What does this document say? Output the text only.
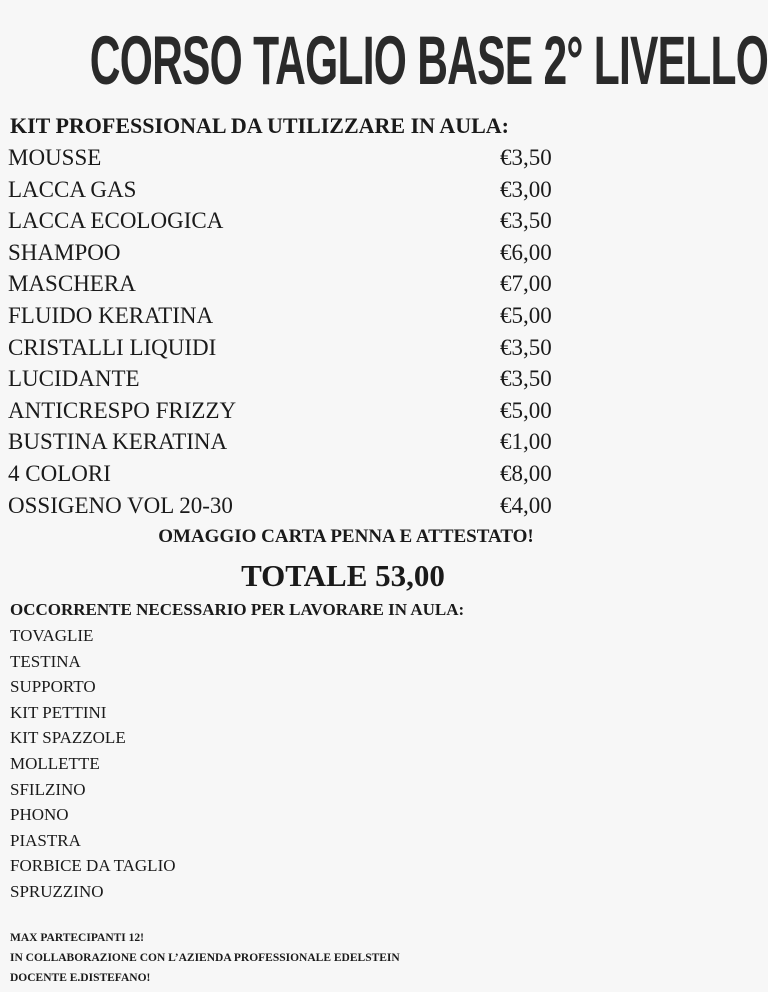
CORSO TAGLIO BASE 2° LIVELLO
KIT PROFESSIONAL DA UTILIZZARE IN AULA:
MOUSSE	€3,50
LACCA GAS	€3,00
LACCA ECOLOGICA	€3,50
SHAMPOO	€6,00
MASCHERA	€7,00
FLUIDO KERATINA	€5,00
CRISTALLI LIQUIDI	€3,50
LUCIDANTE	€3,50
ANTICRESPO FRIZZY	€5,00
BUSTINA KERATINA	€1,00
4 COLORI	€8,00
OSSIGENO VOL 20-30	€4,00
OMAGGIO CARTA PENNA E ATTESTATO!
TOTALE 53,00
OCCORRENTE NECESSARIO PER LAVORARE IN AULA:
TOVAGLIE
TESTINA
SUPPORTO
KIT PETTINI
KIT SPAZZOLE
MOLLETTE
SFILZINO
PHONO
PIASTRA
FORBICE DA TAGLIO
SPRUZZINO
MAX PARTECIPANTI 12!
IN COLLABORAZIONE CON L’AZIENDA PROFESSIONALE EDELSTEIN
DOCENTE E.DISTEFANO!
